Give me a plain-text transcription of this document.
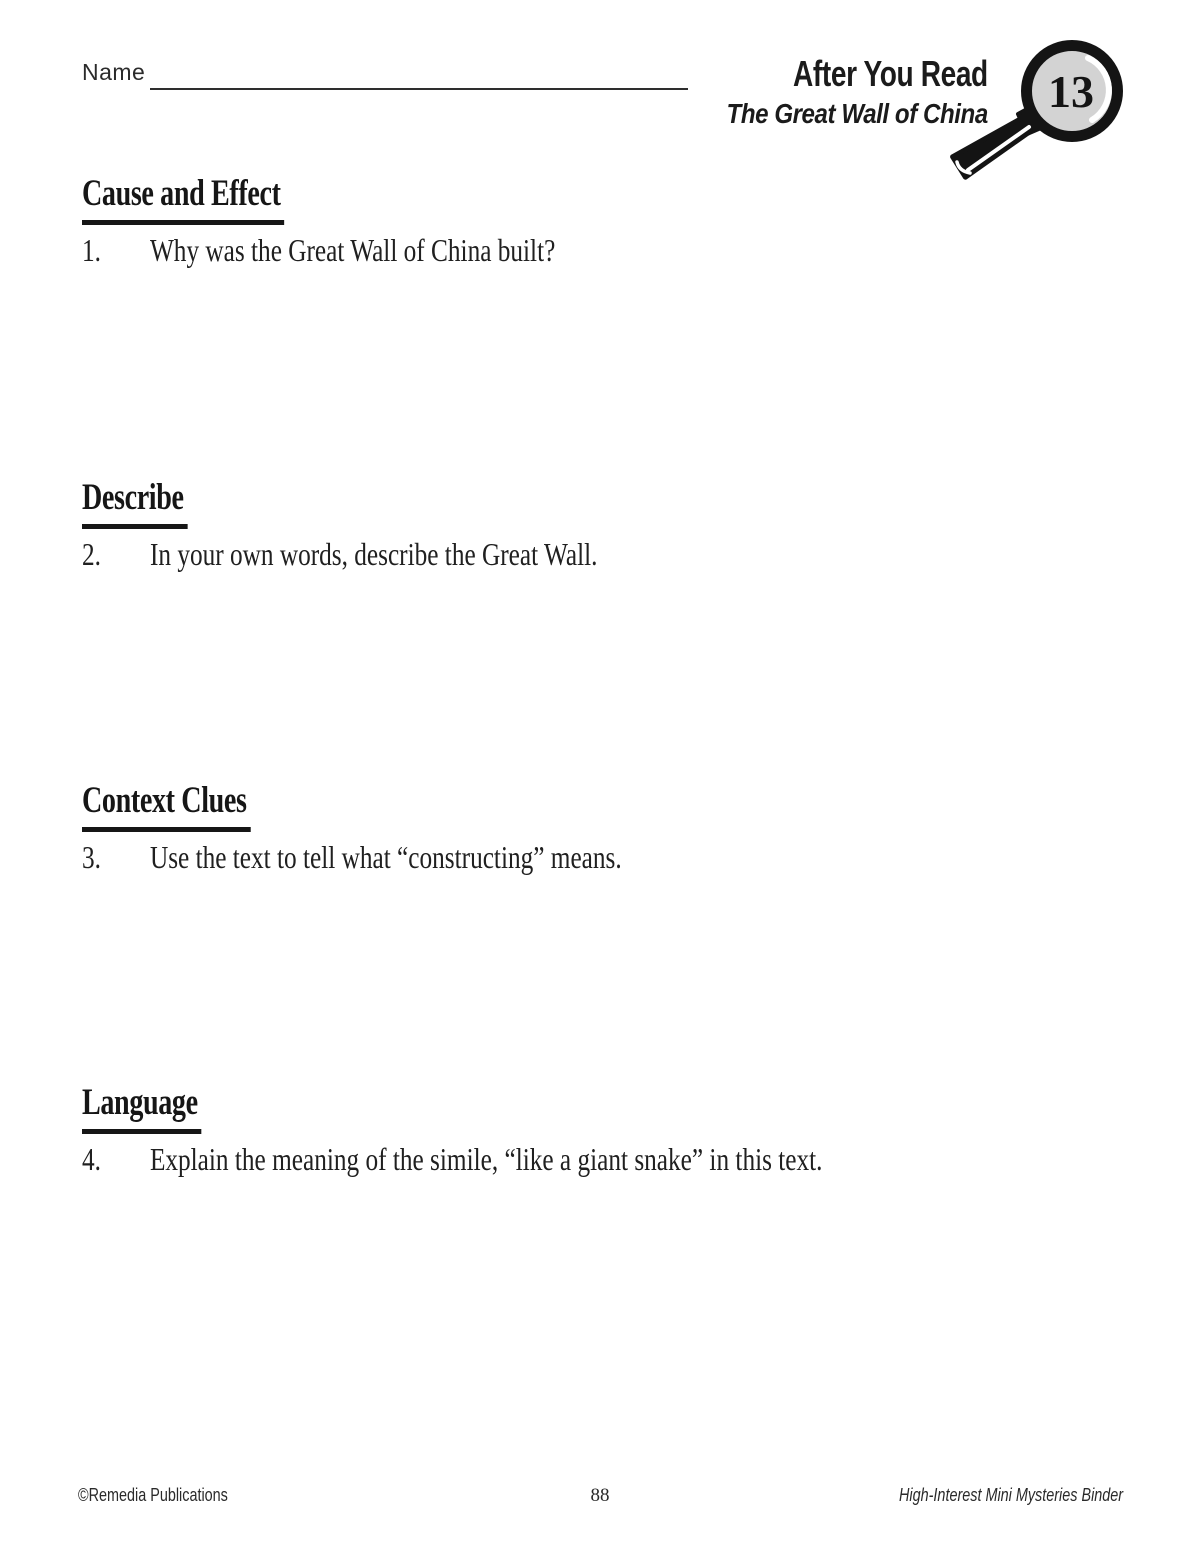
Name	After You Read
The Great Wall of China 13
Cause and Effect
1.	Why was the Great Wall of China built?
Describe
2.	In your own words, describe the Great Wall.
Context Clues
3.	Use the text to tell what “constructing” means.
Language
4.	Explain the meaning of the simile, “like a giant snake” in this text.
©Remedia Publications	88	High-Interest Mini Mysteries Binder
